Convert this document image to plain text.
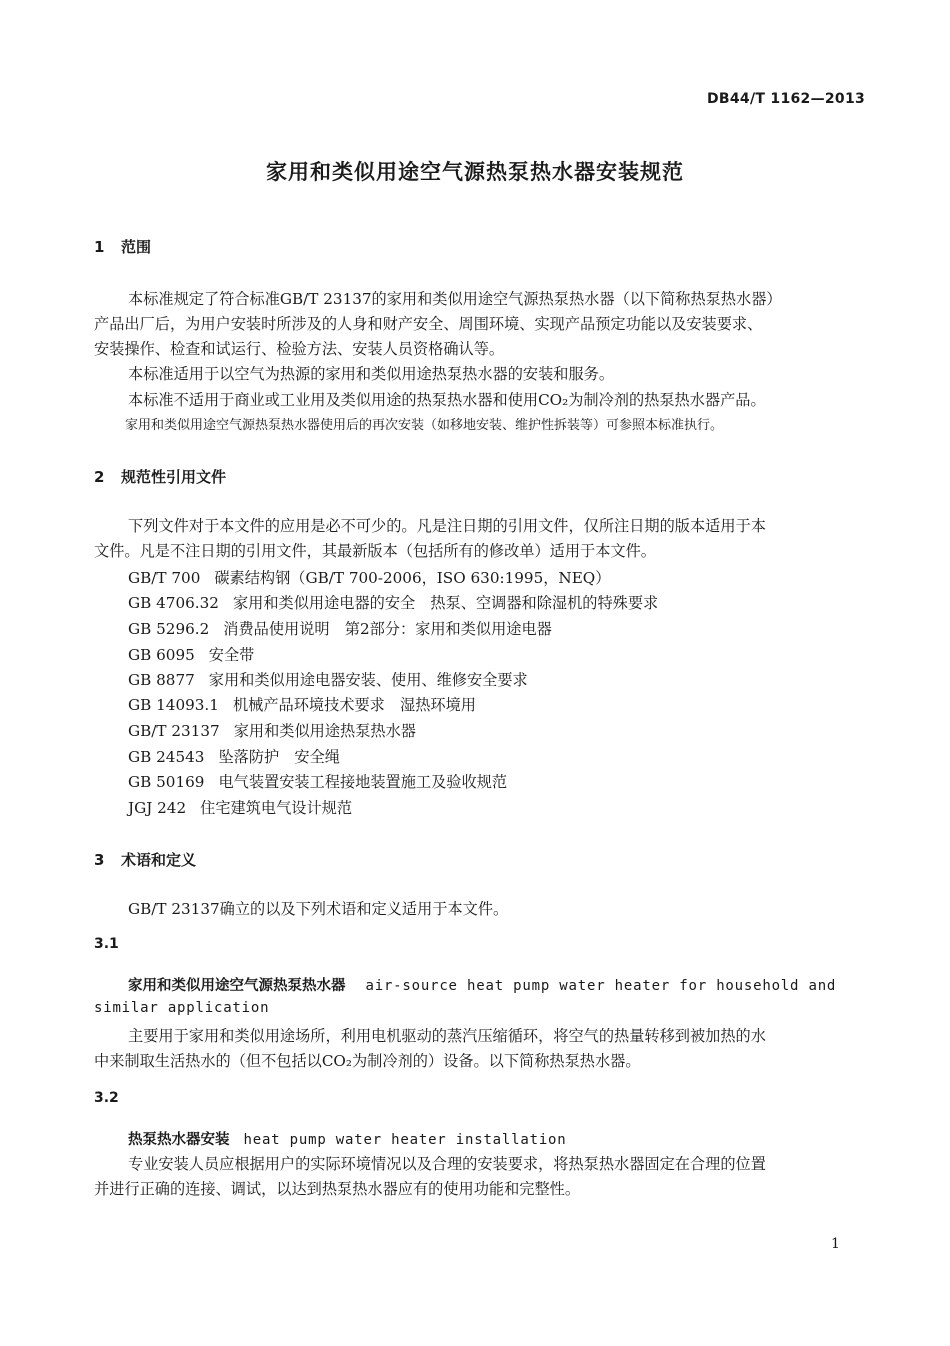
DB44/T 1162—2013
家用和类似用途空气源热泵热水器安装规范
1 范围
本标准规定了符合标准GB/T 23137的家用和类似用途空气源热泵热水器（以下简称热泵热水器）
产品出厂后，为用户安装时所涉及的人身和财产安全、周围环境、实现产品预定功能以及安装要求、
安装操作、检查和试运行、检验方法、安装人员资格确认等。
本标准适用于以空气为热源的家用和类似用途热泵热水器的安装和服务。
本标准不适用于商业或工业用及类似用途的热泵热水器和使用CO₂为制冷剂的热泵热水器产品。
家用和类似用途空气源热泵热水器使用后的再次安装（如移地安装、维护性拆装等）可参照本标准执行。
2 规范性引用文件
下列文件对于本文件的应用是必不可少的。凡是注日期的引用文件，仅所注日期的版本适用于本
文件。凡是不注日期的引用文件，其最新版本（包括所有的修改单）适用于本文件。
GB/T 700 碳素结构钢（GB/T 700-2006，ISO 630:1995，NEQ）
GB 4706.32 家用和类似用途电器的安全　热泵、空调器和除湿机的特殊要求
GB 5296.2 消费品使用说明　第2部分：家用和类似用途电器
GB 6095 安全带
GB 8877 家用和类似用途电器安装、使用、维修安全要求
GB 14093.1 机械产品环境技术要求　湿热环境用
GB/T 23137 家用和类似用途热泵热水器
GB 24543 坠落防护　安全绳
GB 50169 电气装置安装工程接地装置施工及验收规范
JGJ 242 住宅建筑电气设计规范
3 术语和定义
GB/T 23137确立的以及下列术语和定义适用于本文件。
3.1
家用和类似用途空气源热泵热水器 air-source heat pump water heater for household and
similar application
主要用于家用和类似用途场所，利用电机驱动的蒸汽压缩循环，将空气的热量转移到被加热的水
中来制取生活热水的（但不包括以CO₂为制冷剂的）设备。以下简称热泵热水器。
3.2
热泵热水器安装 heat pump water heater installation
专业安装人员应根据用户的实际环境情况以及合理的安装要求，将热泵热水器固定在合理的位置
并进行正确的连接、调试，以达到热泵热水器应有的使用功能和完整性。
1
